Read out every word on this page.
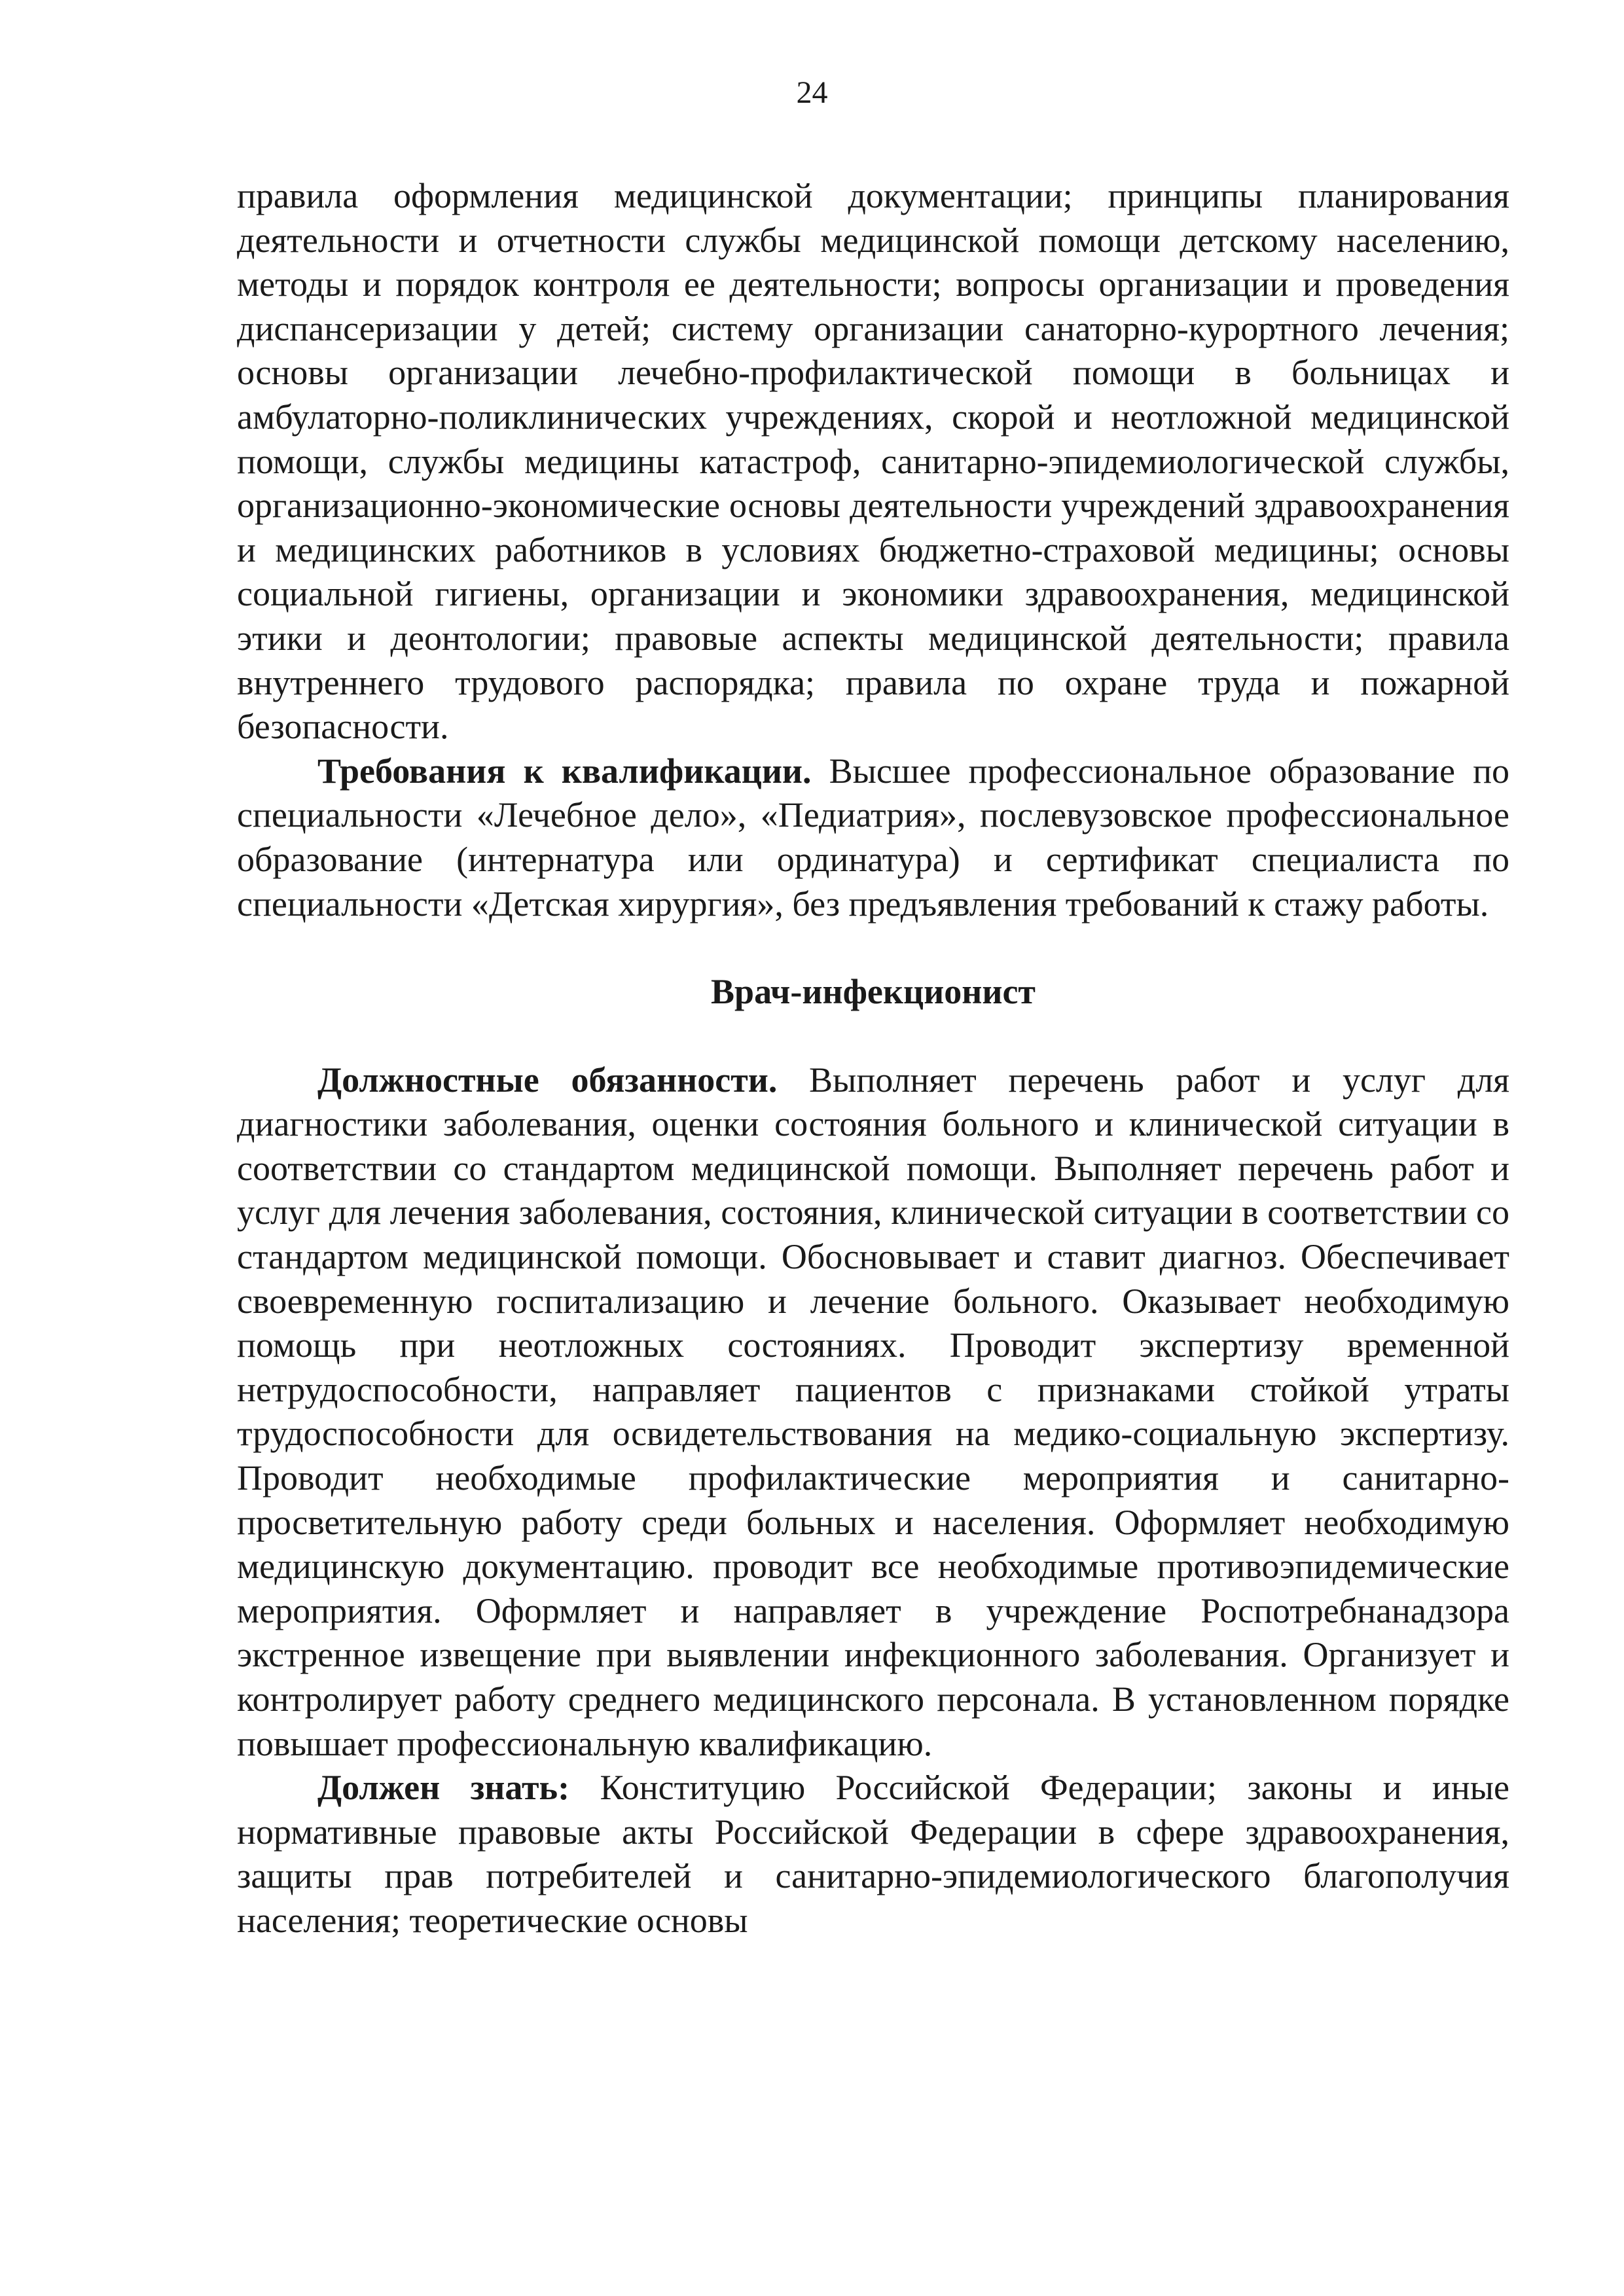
24

правила оформления медицинской документации; принципы планирования деятельности и отчетности службы медицинской помощи детскому населению, методы и порядок контроля ее деятельности; вопросы организации и проведения диспансеризации у детей; систему организации санаторно-курортного лечения; основы организации лечебно-профилактической помощи в больницах и амбулаторно-поликлинических учреждениях, скорой и неотложной медицинской помощи, службы медицины катастроф, санитарно-эпидемиологической службы, организационно-экономические основы деятельности учреждений здравоохранения и медицинских работников в условиях бюджетно-страховой медицины; основы социальной гигиены, организации и экономики здравоохранения, медицинской этики и деонтологии; правовые аспекты медицинской деятельности; правила внутреннего трудового распорядка; правила по охране труда и пожарной безопасности.

Требования к квалификации. Высшее профессиональное образование по специальности «Лечебное дело», «Педиатрия», послевузовское профессиональное образование (интернатура или ординатура) и сертификат специалиста по специальности «Детская хирургия», без предъявления требований к стажу работы.

Врач-инфекционист

Должностные обязанности. Выполняет перечень работ и услуг для диагностики заболевания, оценки состояния больного и клинической ситуации в соответствии со стандартом медицинской помощи. Выполняет перечень работ и услуг для лечения заболевания, состояния, клинической ситуации в соответствии со стандартом медицинской помощи. Обосновывает и ставит диагноз. Обеспечивает своевременную госпитализацию и лечение больного. Оказывает необходимую помощь при неотложных состояниях. Проводит экспертизу временной нетрудоспособности, направляет пациентов с признаками стойкой утраты трудоспособности для освидетельствования на медико-социальную экспертизу. Проводит необходимые профилактические мероприятия и санитарно-просветительную работу среди больных и населения. Оформляет необходимую медицинскую документацию. проводит все необходимые противоэпидемические мероприятия. Оформляет и направляет в учреждение Роспотребнанадзора экстренное извещение при выявлении инфекционного заболевания. Организует и контролирует работу среднего медицинского персонала. В установленном порядке повышает профессиональную квалификацию.

Должен знать: Конституцию Российской Федерации; законы и иные нормативные правовые акты Российской Федерации в сфере здравоохранения, защиты прав потребителей и санитарно-эпидемиологического благополучия населения; теоретические основы
